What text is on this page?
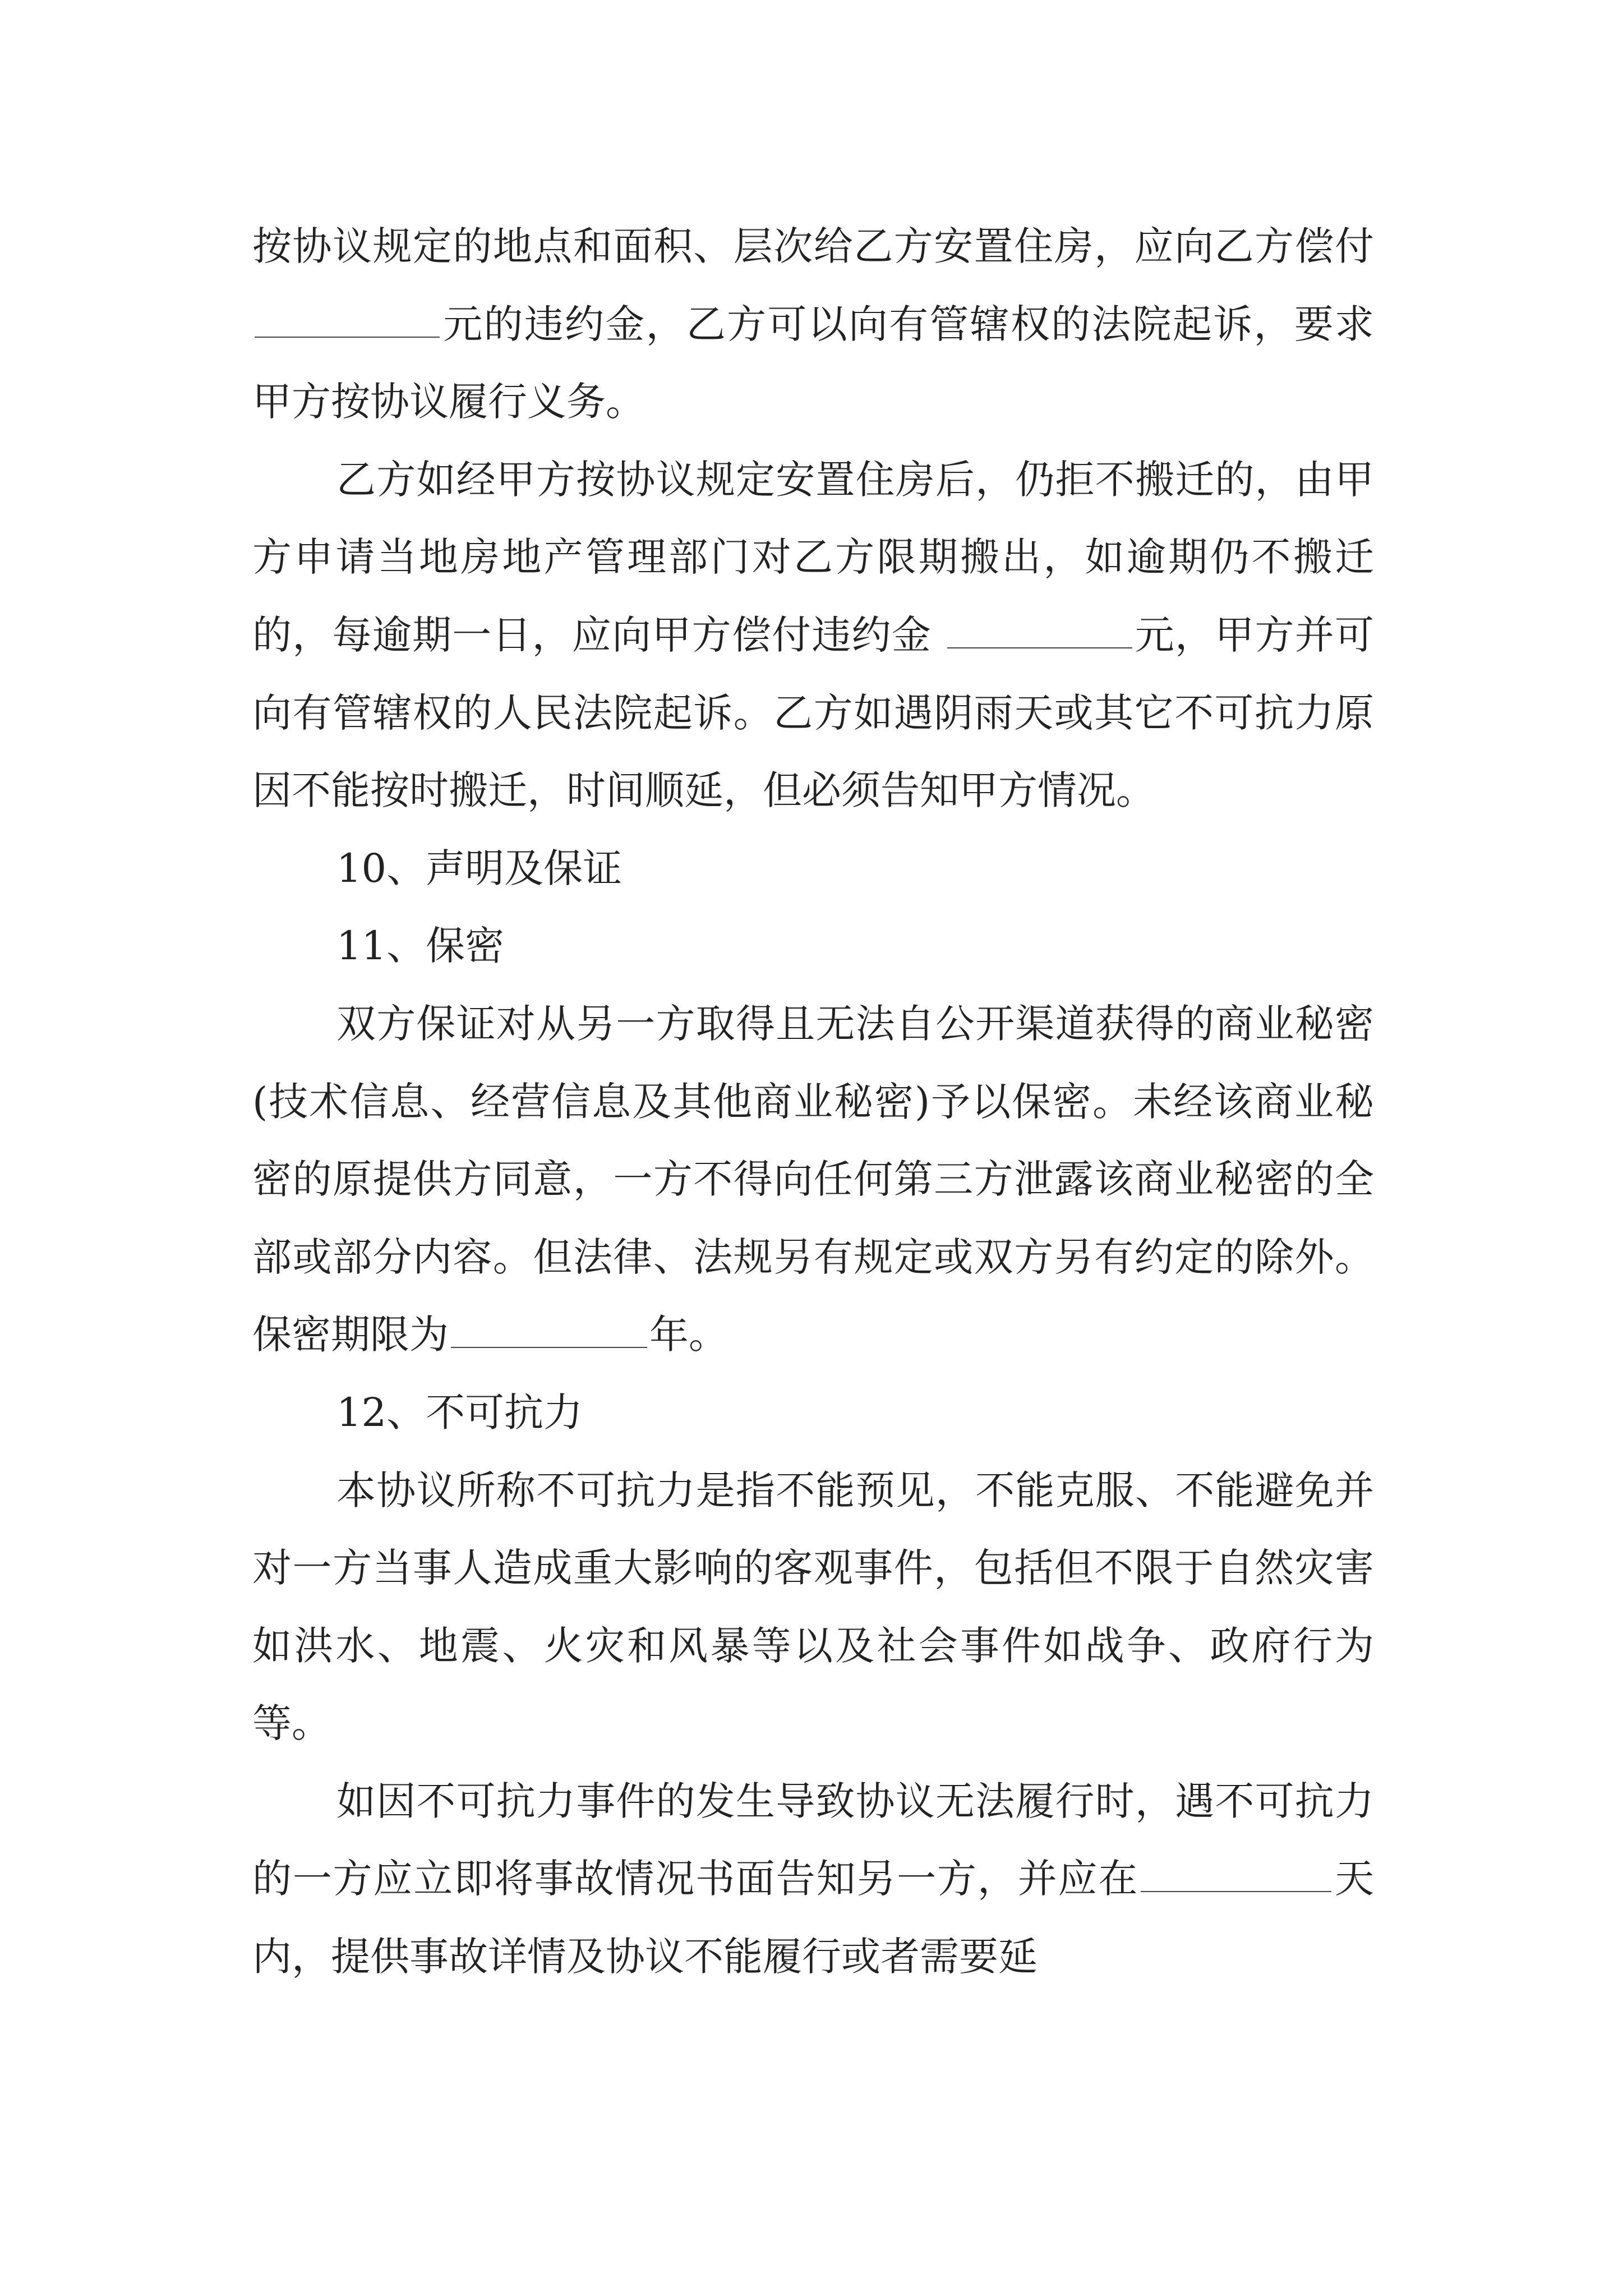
按协议规定的地点和面积、层次给乙方安置住房，应向乙方偿付元的违约金，乙方可以向有管辖权的法院起诉，要求甲方按协议履行义务。

乙方如经甲方按协议规定安置住房后，仍拒不搬迁的，由甲方申请当地房地产管理部门对乙方限期搬出，如逾期仍不搬迁的，每逾期一日，应向甲方偿付违约金	元，甲方并可向有管辖权的人民法院起诉。乙方如遇阴雨天或其它不可抗力原因不能按时搬迁，时间顺延，但必须告知甲方情况。

10、声明及保证

11、保密

双方保证对从另一方取得且无法自公开渠道获得的商业秘密(技术信息、经营信息及其他商业秘密)予以保密。未经该商业秘密的原提供方同意，一方不得向任何第三方泄露该商业秘密的全部或部分内容。但法律、法规另有规定或双方另有约定的除外。保密期限为	年。

12、不可抗力

本协议所称不可抗力是指不能预见，不能克服、不能避免并对一方当事人造成重大影响的客观事件，包括但不限于自然灾害如洪水、地震、火灾和风暴等以及社会事件如战争、政府行为等。

如因不可抗力事件的发生导致协议无法履行时，遇不可抗力的一方应立即将事故情况书面告知另一方，并应在	天内，提供事故详情及协议不能履行或者需要延
